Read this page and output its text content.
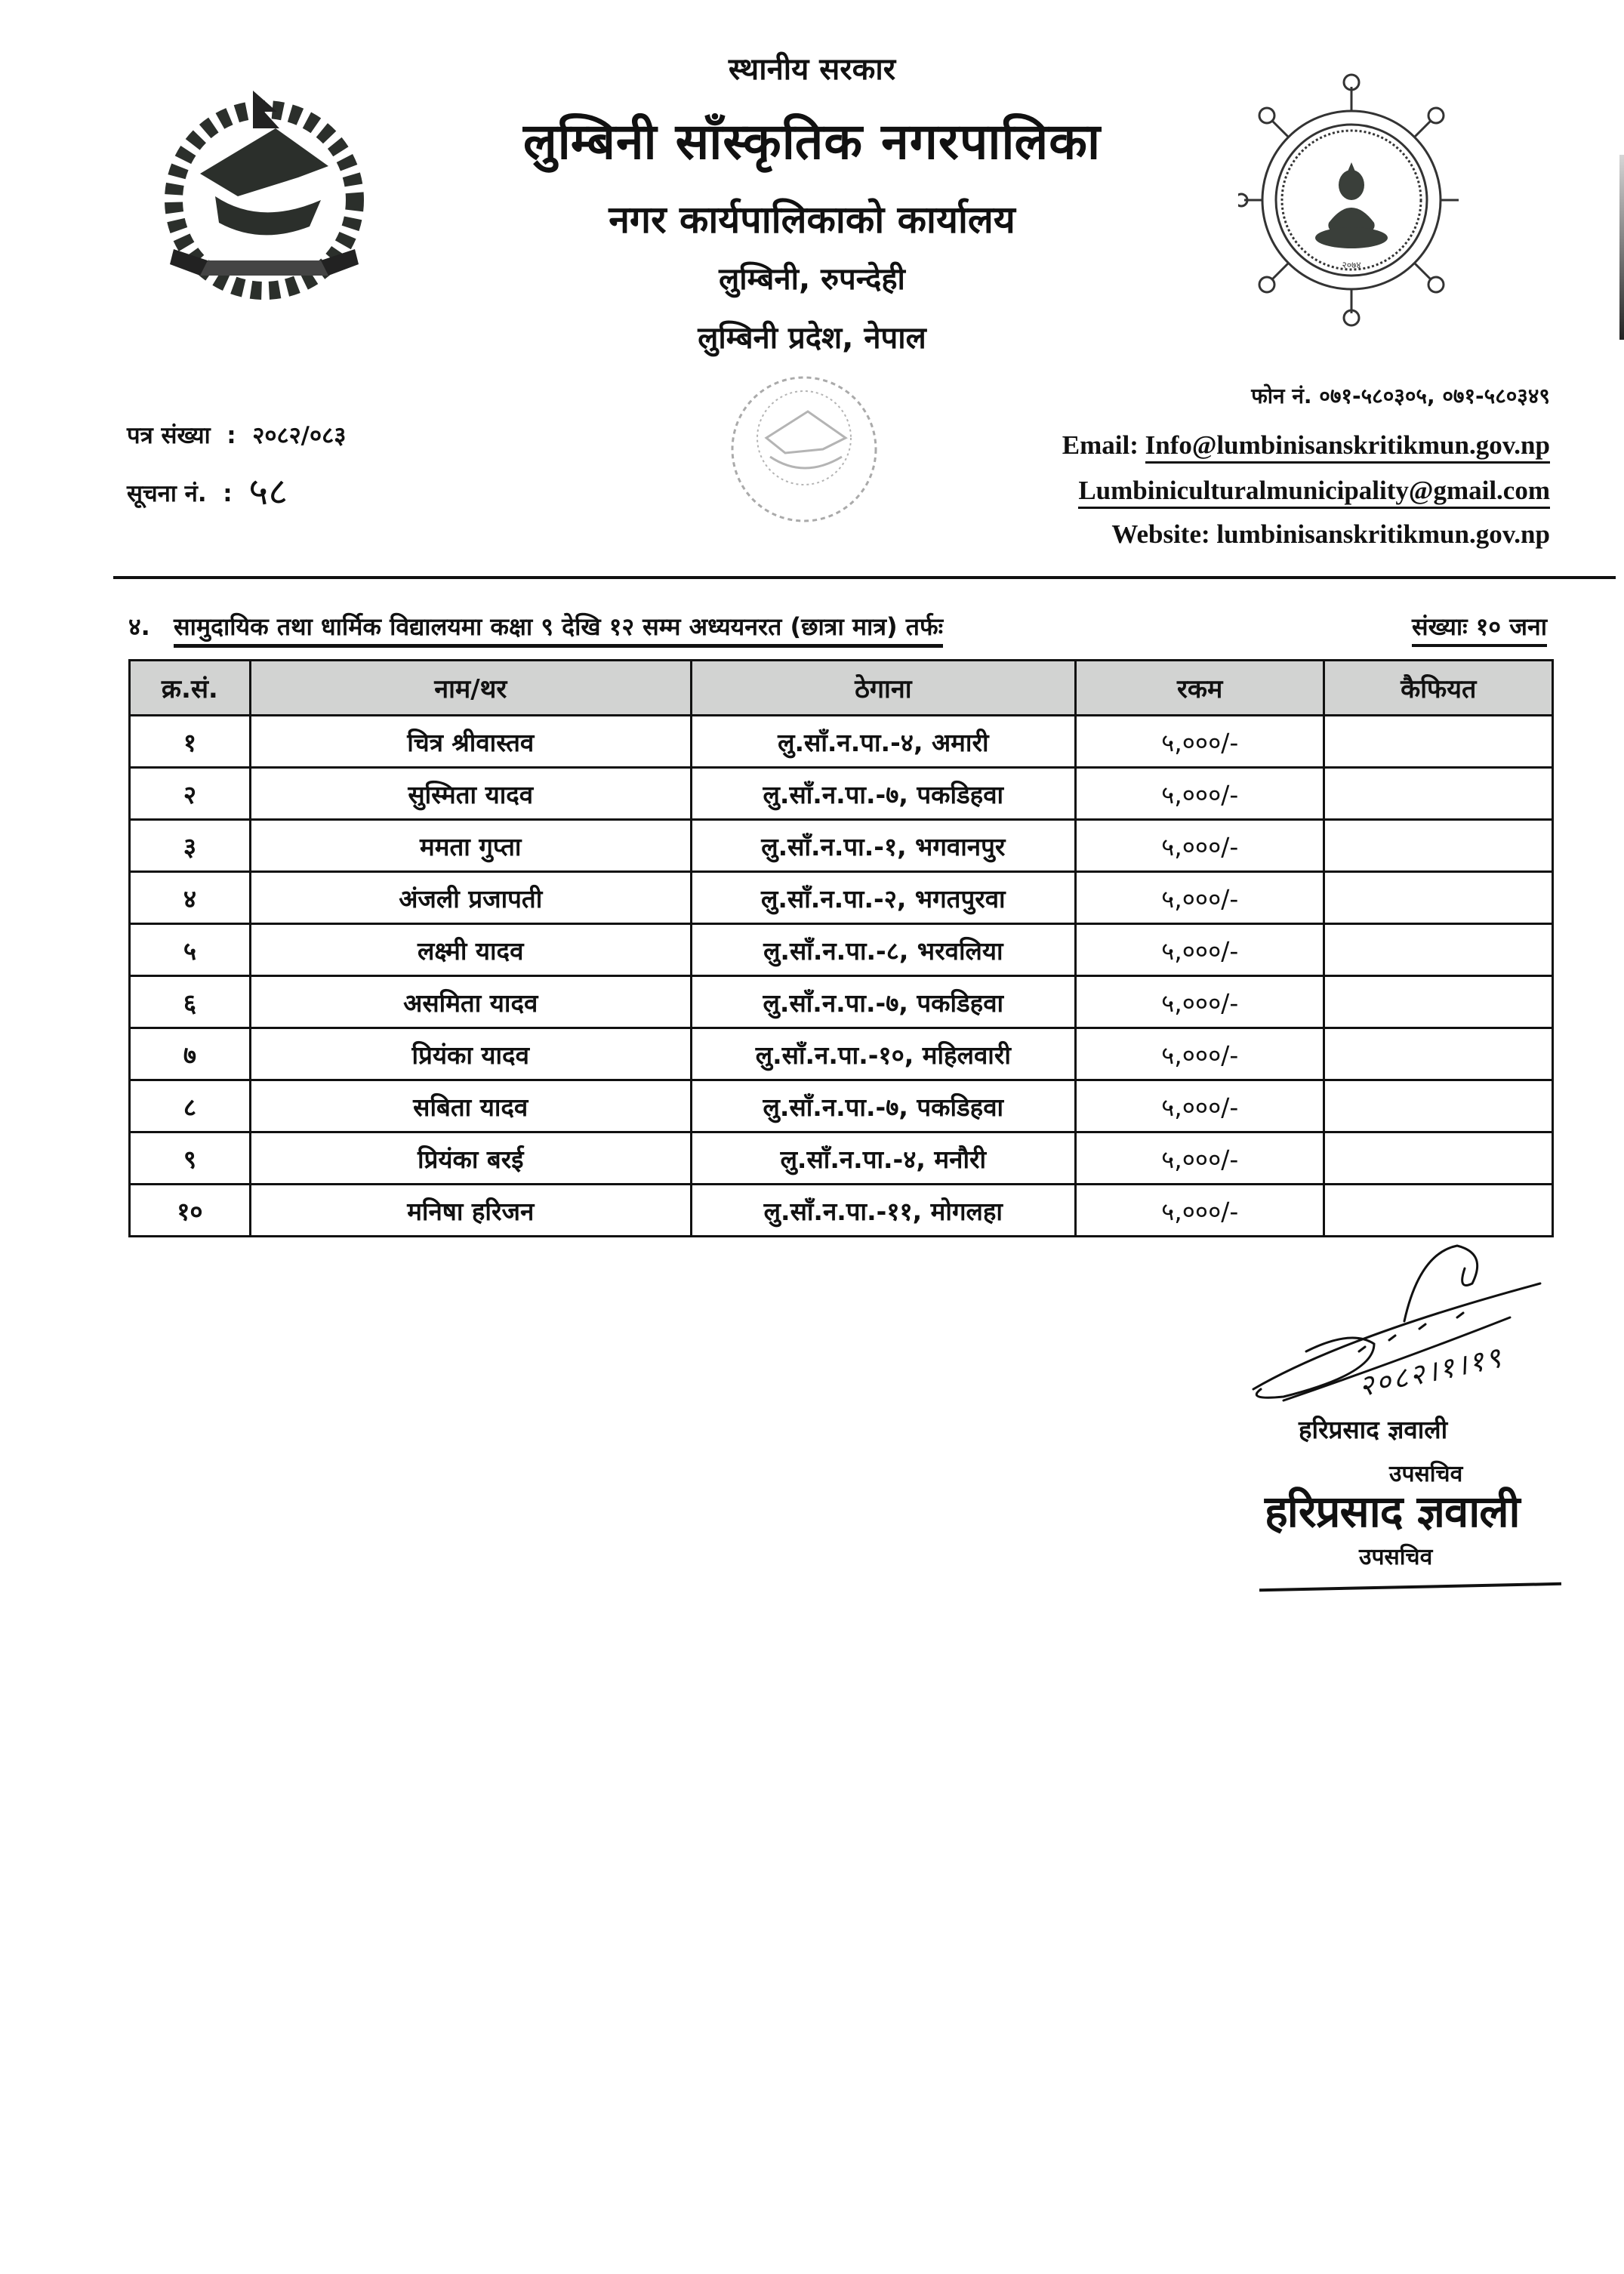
स्थानीय सरकार
लुम्बिनी साँस्कृतिक नगरपालिका
नगर कार्यपालिकाको कार्यालय
लुम्बिनी, रुपन्देही
लुम्बिनी प्रदेश, नेपाल
२०७४
पत्र संख्या  :  २०८२/०८३
सूचना नं.  :  ५८
फोन नं. ०७१-५८०३०५, ०७१-५८०३४९
Email: Info@lumbinisanskritikmun.gov.np
Lumbiniculturalmunicipality@gmail.com
Website: lumbinisanskritikmun.gov.np
४. सामुदायिक तथा धार्मिक विद्यालयमा कक्षा ९ देखि १२ सम्म अध्ययनरत (छात्रा मात्र) तर्फः	संख्याः १० जना
क्र.सं.	नाम/थर	ठेगाना	रकम	कैफियत
१	चित्र श्रीवास्तव	लु.साँ.न.पा.-४, अमारी	५,०००/-	
२	सुस्मिता यादव	लु.साँ.न.पा.-७, पकडिहवा	५,०००/-	
३	ममता गुप्ता	लु.साँ.न.पा.-१, भगवानपुर	५,०००/-	
४	अंजली प्रजापती	लु.साँ.न.पा.-२, भगतपुरवा	५,०००/-	
५	लक्ष्मी यादव	लु.साँ.न.पा.-८, भरवलिया	५,०००/-	
६	असमिता यादव	लु.साँ.न.पा.-७, पकडिहवा	५,०००/-	
७	प्रियंका यादव	लु.साँ.न.पा.-१०, महिलवारी	५,०००/-	
८	सबिता यादव	लु.साँ.न.पा.-७, पकडिहवा	५,०००/-	
९	प्रियंका बरई	लु.साँ.न.पा.-४, मनौरी	५,०००/-	
१०	मनिषा हरिजन	लु.साँ.न.पा.-११, मोगलहा	५,०००/-	
२०८२।१।१९
हरिप्रसाद ज्ञवाली
उपसचिव
हरिप्रसाद ज्ञवाली
उपसचिव
